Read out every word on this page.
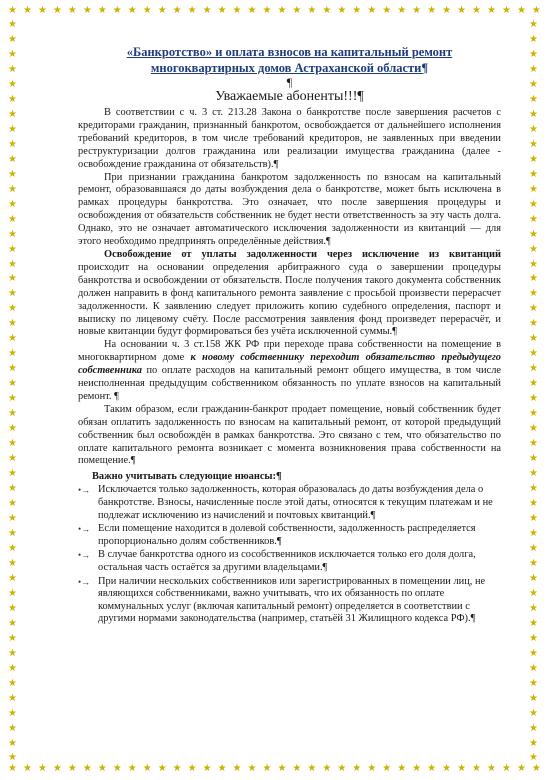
★ ★ ★ ★ ★ ★ ★ ★ ★ ★ ★ ★ ★ ★ ★ ★ ★ ★ ★ ★ ★ ★ ★ ★ ★ ★ ★ ★ ★ ★ ★ ★ ★ ★ ★ ★
★ ★ ★ ★ ★ ★ ★ ★ ★ ★ ★ ★ ★ ★ ★ ★ ★ ★ ★ ★ ★ ★ ★ ★ ★ ★ ★ ★ ★ ★ ★ ★ ★ ★ ★ ★
★
★
★
★
★
★
★
★
★
★
★
★
★
★
★
★
★
★
★
★
★
★
★
★
★
★
★
★
★
★
★
★
★
★
★
★
★
★
★
★
★
★
★
★
★
★
★
★
★
★
★
★
★
★
★
★
★
★
★
★
★
★
★
★
★
★
★
★
★
★
★
★
★
★
★
★
★
★
★
★
★
★
★
★
★
★
★
★
★
★
★
★
★
★
★
★
★
★
★
★

«Банкротство» и оплата взносов на капитальный ремонт

многоквартирных домов Астраханской области¶

¶

Уважаемые абоненты!!!¶

В соответствии с ч. 3 ст. 213.28 Закона о банкротстве после завершения расчетов с кредиторами гражданин, признанный банкротом, освобождается от дальнейшего исполнения требований кредиторов, в том числе требований кредиторов, не заявленных при введении реструктуризации долгов гражданина или реализации имущества гражданина (далее - освобождение гражданина от обязательств).¶

При признании гражданина банкротом задолженность по взносам на капитальный ремонт, образовавшаяся до даты возбуждения дела о банкротстве, может быть исключена в рамках процедуры банкротства. Это означает, что после завершения процедуры и освобождения от обязательств собственник не будет нести ответственность за эту часть долга. Однако, это не означает автоматического исключения задолженности из квитанций — для этого необходимо предпринять определённые действия.¶

Освобождение от уплаты задолженности через исключение из квитанций происходит на основании определения арбитражного суда о завершении процедуры банкротства и освобождении от обязательств. После получения такого документа собственник должен направить в фонд капитального ремонта заявление с просьбой произвести перерасчет задолженности. К заявлению следует приложить копию судебного определения, паспорт и выписку по лицевому счёту. После рассмотрения заявления фонд произведет перерасчёт, и новые квитанции будут формироваться без учёта исключенной суммы.¶

На основании ч. 3 ст.158 ЖК РФ при переходе права собственности на помещение в многоквартирном доме к новому собственнику переходит обязательство предыдущего собственника по оплате расходов на капитальный ремонт общего имущества, в том числе неисполненная предыдущим собственником обязанность по уплате взносов на капитальный ремонт. ¶

Таким образом, если гражданин-банкрот продает помещение, новый собственник будет обязан оплатить задолженность по взносам на капитальный ремонт, от которой предыдущий собственник был освобождён в рамках банкротства. Это связано с тем, что обязательство по оплате капитального ремонта возникает с момента возникновения права собственности на помещение.¶

Важно учитывать следующие нюансы:¶

•→ Исключается только задолженность, которая образовалась до даты возбуждения дела о банкротстве. Взносы, начисленные после этой даты, относятся к текущим платежам и не подлежат исключению из начислений и почтовых квитанций.¶
•→ Если помещение находится в долевой собственности, задолженность распределяется пропорционально долям собственников.¶
•→ В случае банкротства одного из сособственников исключается только его доля долга, остальная часть остаётся за другими владельцами.¶
•→ При наличии нескольких собственников или зарегистрированных в помещении лиц, не являющихся собственниками, важно учитывать, что их обязанность по оплате коммунальных услуг (включая капитальный ремонт) определяется в соответствии с другими нормами законодательства (например, статьёй 31 Жилищного кодекса РФ).¶
